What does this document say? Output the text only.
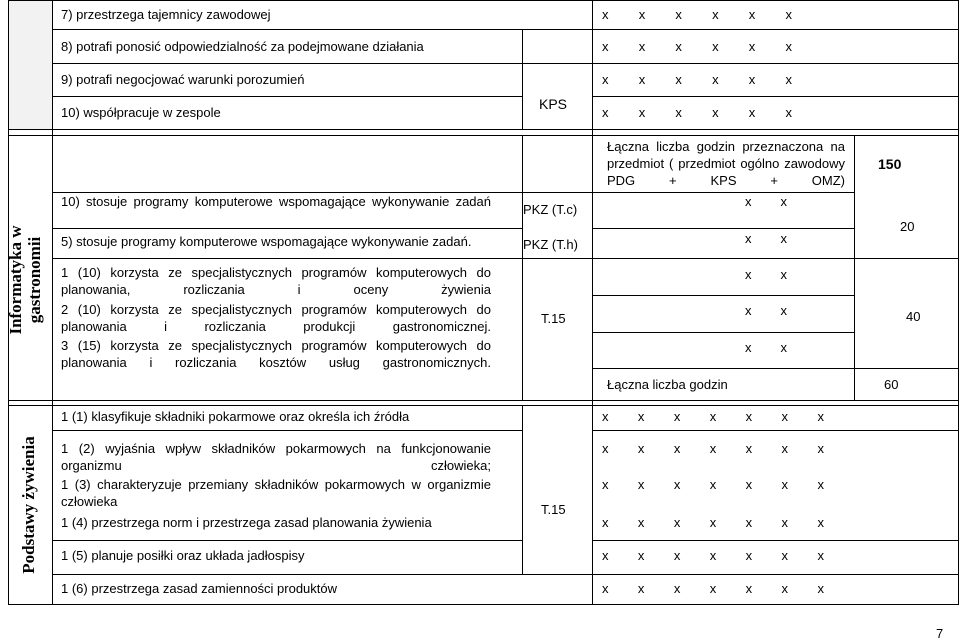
7) przestrzega tajemnicy zawodowej
8) potrafi ponosić odpowiedzialność za podejmowane działania
9) potrafi negocjować warunki porozumień
10) współpracuje w zespole
KPS
x x x x x x
x x x x x x
x x x x x x
x x x x x x
Informatyka w gastronomii
10) stosuje programy komputerowe wspomagające wykonywanie zadań
5) stosuje programy komputerowe wspomagające wykonywanie zadań.
1 (10) korzysta ze specjalistycznych programów komputerowych do planowania, rozliczania i oceny żywienia
2 (10) korzysta ze specjalistycznych programów komputerowych do planowania i rozliczania produkcji gastronomicznej.
3 (15) korzysta ze specjalistycznych programów komputerowych do planowania i rozliczania kosztów usług gastronomicznych.
PKZ (T.c)
PKZ (T.h)
T.15
Łączna liczba godzin przeznaczona na przedmiot ( przedmiot ogólno zawodowy PDG + KPS + OMZ)
150
20
40
x x
x x
x x
x x
x x
Łączna liczba godzin	60
Podstawy żywienia
1 (1) klasyfikuje składniki pokarmowe oraz określa ich źródła
1 (2) wyjaśnia wpływ składników pokarmowych na funkcjonowanie organizmu człowieka;
1 (3) charakteryzuje przemiany składników pokarmowych w organizmie człowieka
1 (4) przestrzega norm i przestrzega zasad planowania żywienia
1 (5) planuje posiłki oraz układa jadłospisy
1 (6) przestrzega zasad zamienności produktów
T.15
x x x x x x x
x x x x x x x
x x x x x x x
x x x x x x x
x x x x x x x
x x x x x x x
7
